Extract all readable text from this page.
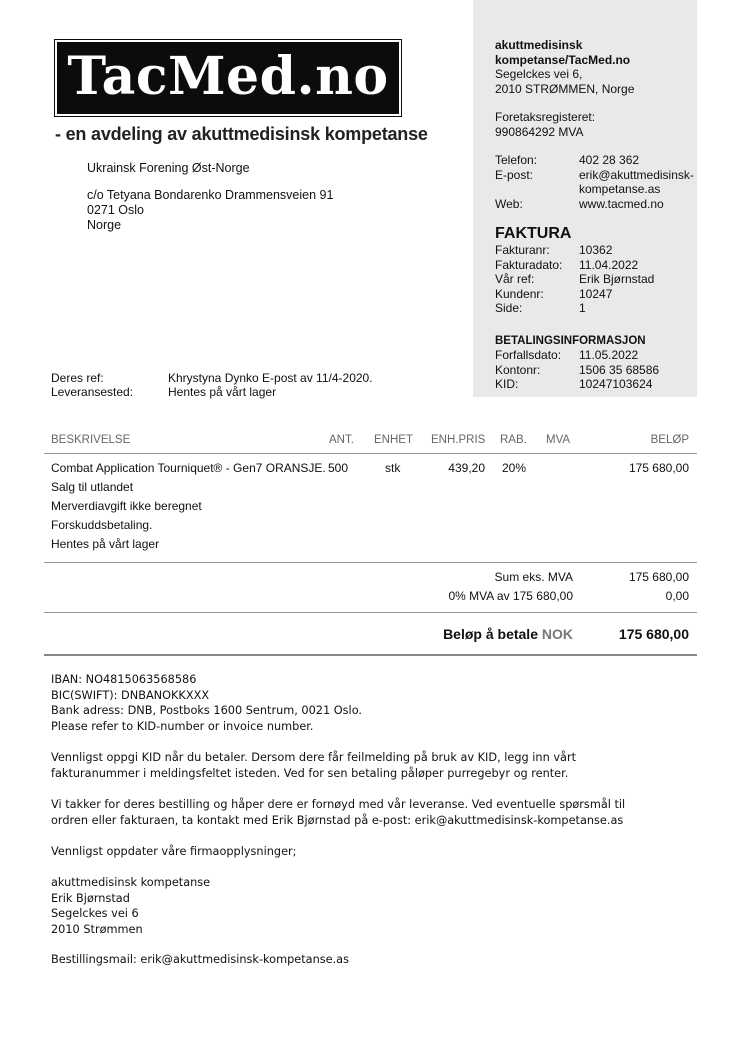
TacMed.no
- en avdeling av akuttmedisinsk kompetanse
Ukrainsk Forening Øst-Norge
c/o Tetyana Bondarenko Drammensveien 91
0271 Oslo
Norge
akuttmedisinsk
kompetanse/TacMed.no
Segelckes vei 6,
2010 STRØMMEN, Norge
Foretaksregisteret:
990864292 MVA
Telefon:	402 28 362
E-post:	erik@akuttmedisinsk-
kompetanse.as
Web:	www.tacmed.no
FAKTURA
Fakturanr:	10362
Fakturadato:	11.04.2022
Vår ref:	Erik Bjørnstad
Kundenr:	10247
Side:	1
BETALINGSINFORMASJON
Forfallsdato:	11.05.2022
Kontonr:	1506 35 68586
KID:	10247103624
Deres ref:	Khrystyna Dynko E-post av 11/4-2020.
Leveransested:	Hentes på vårt lager
BESKRIVELSE	ANT. ENHET ENH.PRIS RAB. MVA	BELØP
Combat Application Tourniquet® - Gen7 ORANSJE. 500	stk	439,20 20%	175 680,00
Salg til utlandet
Merverdiavgift ikke beregnet
Forskuddsbetaling.
Hentes på vårt lager
Sum eks. MVA	175 680,00
0% MVA av 175 680,00	0,00
Beløp å betale NOK	175 680,00
IBAN: NO4815063568586
BIC(SWIFT): DNBANOKKXXX
Bank adress: DNB, Postboks 1600 Sentrum, 0021 Oslo.
Please refer to KID-number or invoice number.
Vennligst oppgi KID når du betaler. Dersom dere får feilmelding på bruk av KID, legg inn vårt
fakturanummer i meldingsfeltet isteden. Ved for sen betaling påløper purregebyr og renter.
Vi takker for deres bestilling og håper dere er fornøyd med vår leveranse. Ved eventuelle spørsmål til
ordren eller fakturaen, ta kontakt med Erik Bjørnstad på e-post: erik@akuttmedisinsk-kompetanse.as
Vennligst oppdater våre firmaopplysninger;
akuttmedisinsk kompetanse
Erik Bjørnstad
Segelckes vei 6
2010 Strømmen
Bestillingsmail: erik@akuttmedisinsk-kompetanse.as
